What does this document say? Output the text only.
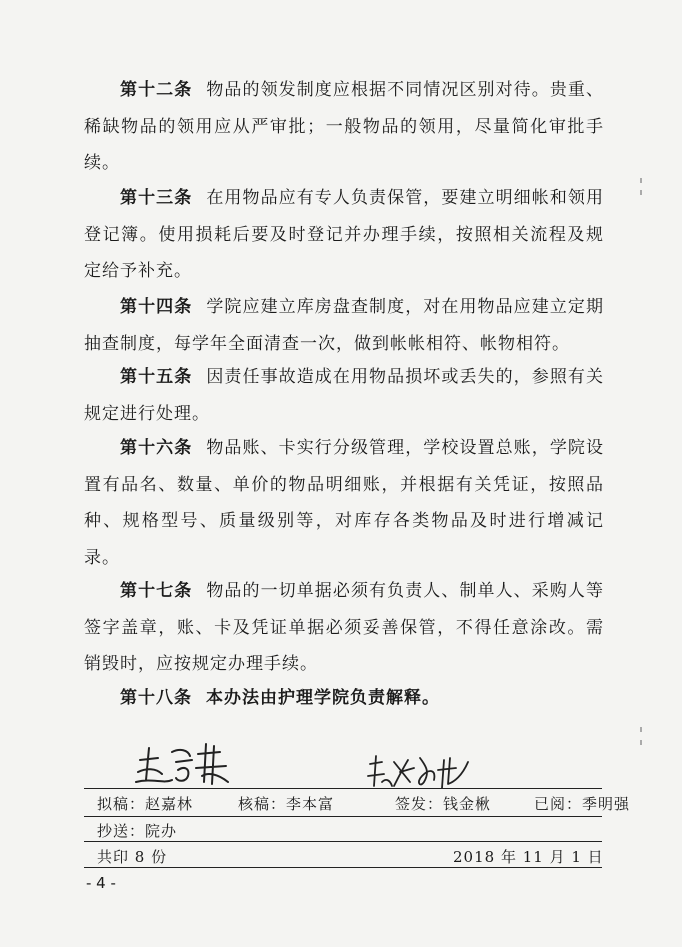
第十二条 物品的领发制度应根据不同情况区别对待。贵重、稀缺物品的领用应从严审批；一般物品的领用，尽量简化审批手续。

第十三条 在用物品应有专人负责保管，要建立明细帐和领用登记簿。使用损耗后要及时登记并办理手续，按照相关流程及规定给予补充。

第十四条 学院应建立库房盘查制度，对在用物品应建立定期抽查制度，每学年全面清查一次，做到帐帐相符、帐物相符。

第十五条 因责任事故造成在用物品损坏或丢失的，参照有关规定进行处理。

第十六条 物品账、卡实行分级管理，学校设置总账，学院设置有品名、数量、单价的物品明细账，并根据有关凭证，按照品种、规格型号、质量级别等，对库存各类物品及时进行增减记录。

第十七条 物品的一切单据必须有负责人、制单人、采购人等签字盖章，账、卡及凭证单据必须妥善保管，不得任意涂改。需销毁时，应按规定办理手续。

第十八条 本办法由护理学院负责解释。

拟稿：赵嘉林	核稿：李本富	签发：钱金楸	已阅：季明强
抄送：院办
共印 8 份	2018 年 11 月 1 日
- 4 -
